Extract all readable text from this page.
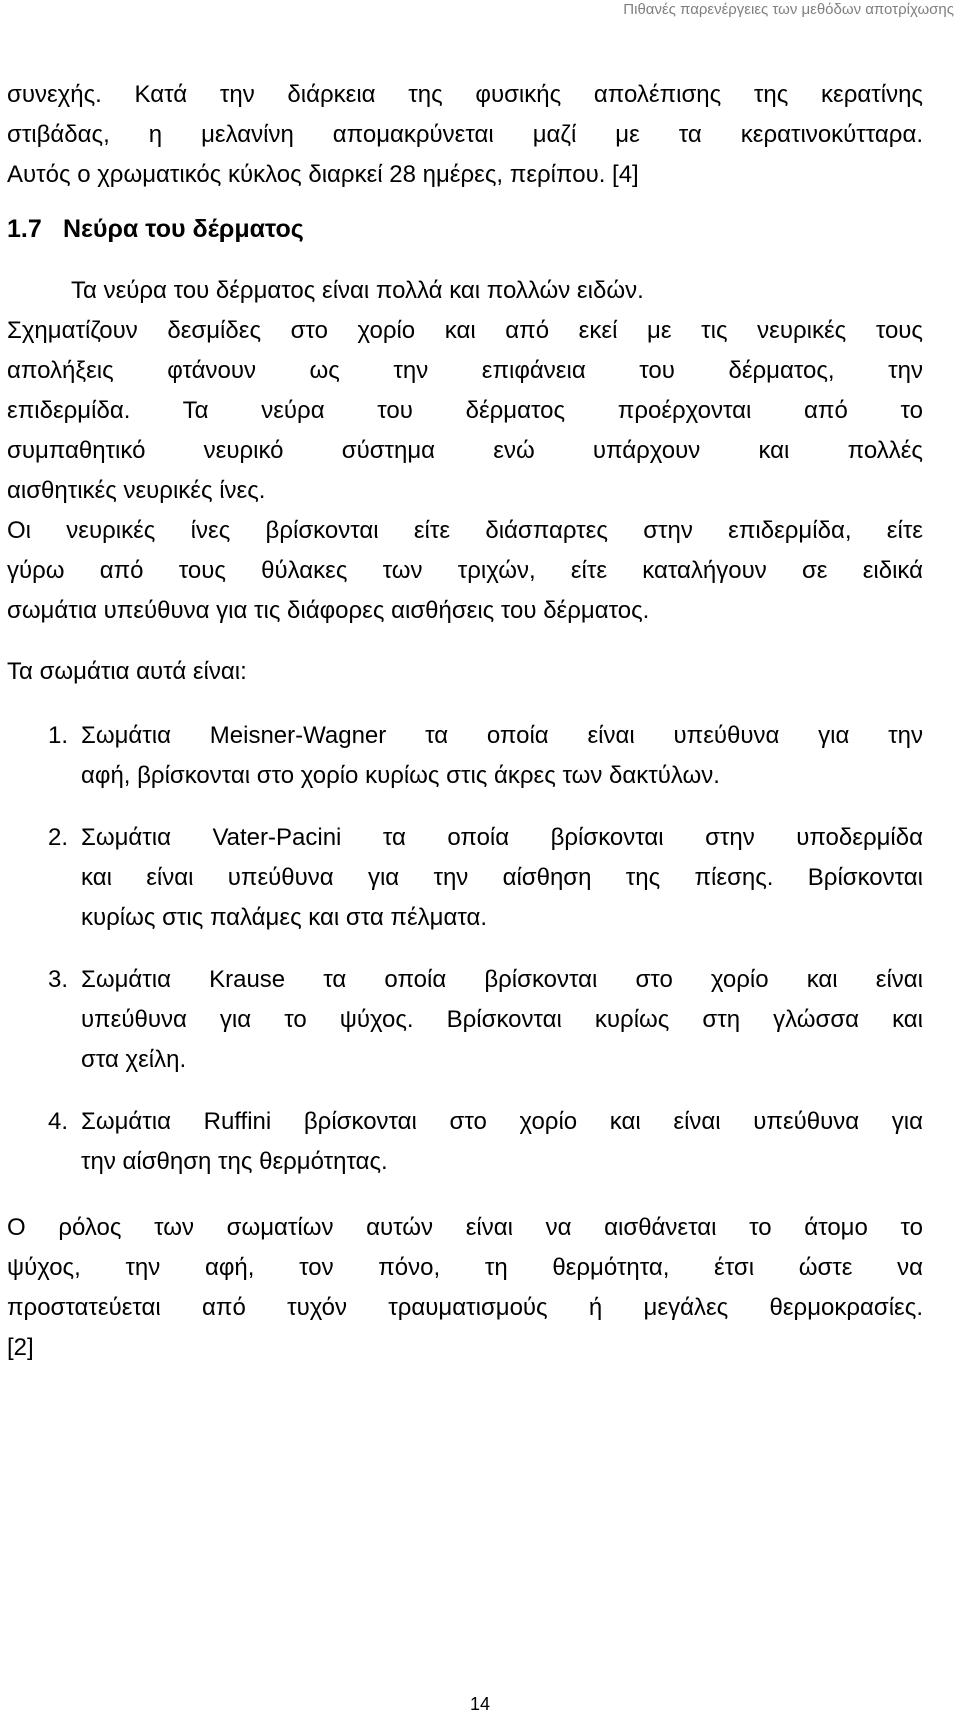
Πιθανές παρενέργειες των μεθόδων αποτρίχωσης
συνεχής. Κατά την διάρκεια της φυσικής απολέπισης της κερατίνης
στιβάδας, η μελανίνη απομακρύνεται μαζί με τα κερατινοκύτταρα.
Αυτός ο χρωματικός κύκλος διαρκεί 28 ημέρες, περίπου. [4]
1.7 Νεύρα του δέρματος
Τα νεύρα του δέρματος είναι πολλά και πολλών ειδών.
Σχηματίζουν δεσμίδες στο χορίο και από εκεί με τις νευρικές τους
απολήξεις φτάνουν ως την επιφάνεια του δέρματος, την
επιδερμίδα. Τα νεύρα του δέρματος προέρχονται από το
συμπαθητικό νευρικό σύστημα ενώ υπάρχουν και πολλές
αισθητικές νευρικές ίνες.
Οι νευρικές ίνες βρίσκονται είτε διάσπαρτες στην επιδερμίδα, είτε
γύρω από τους θύλακες των τριχών, είτε καταλήγουν σε ειδικά
σωμάτια υπεύθυνα για τις διάφορες αισθήσεις του δέρματος.
Τα σωμάτια αυτά είναι:
1. Σωμάτια Meisner-Wagner τα οποία είναι υπεύθυνα για την
αφή, βρίσκονται στο χορίο κυρίως στις άκρες των δακτύλων.
2. Σωμάτια Vater-Pacini τα οποία βρίσκονται στην υποδερμίδα
και είναι υπεύθυνα για την αίσθηση της πίεσης. Βρίσκονται
κυρίως στις παλάμες και στα πέλματα.
3. Σωμάτια Krause τα οποία βρίσκονται στο χορίο και είναι
υπεύθυνα για το ψύχος. Βρίσκονται κυρίως στη γλώσσα και
στα χείλη.
4. Σωμάτια Ruffini βρίσκονται στο χορίο και είναι υπεύθυνα για
την αίσθηση της θερμότητας.
Ο ρόλος των σωματίων αυτών είναι να αισθάνεται το άτομο το
ψύχος, την αφή, τον πόνο, τη θερμότητα, έτσι ώστε να
προστατεύεται από τυχόν τραυματισμούς ή μεγάλες θερμοκρασίες.
[2]
14
